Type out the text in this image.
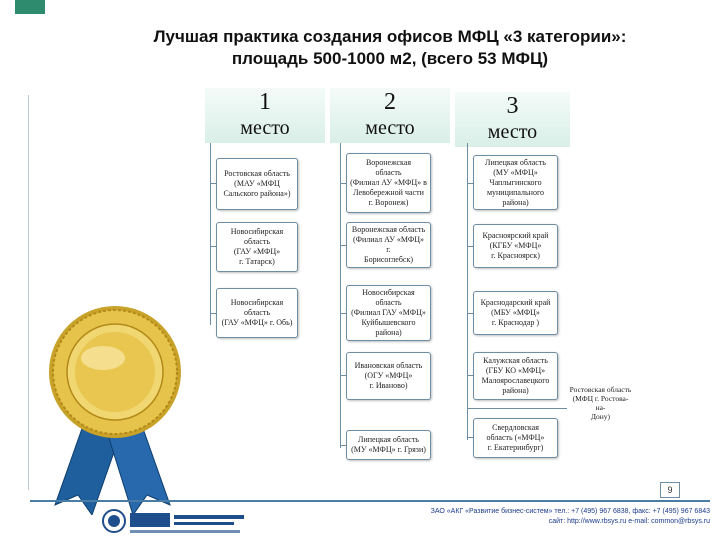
Лучшая практика создания офисов МФЦ «3 категории»:
площадь 500-1000 м2, (всего 53 МФЦ)
1
место
2
место
3
место
Ростовская область
(МАУ «МФЦ
Сальского района»)
Новосибирская
область
(ГАУ «МФЦ»
г. Татарск)
Новосибирская
область
(ГАУ «МФЦ» г. Обь)
Воронежская
область
(Филиал АУ «МФЦ» в
Левобережной части
г. Воронеж)
Воронежская область
(Филиал АУ «МФЦ» г.
Борисоглебск)
Новосибирская
область
(Филиал ГАУ «МФЦ»
Куйбышевского
района)
Ивановская область
(ОГУ «МФЦ»
г. Иваново)
Липецкая область
(МУ «МФЦ» г. Грязи)
Липецкая область
(МУ «МФЦ»
Чаплыгинского
муниципального
района)
Красноярский край
(КГБУ «МФЦ»
г. Красноярск)
Краснодарский край
(МБУ «МФЦ»
г. Краснодар )
Калужская область
(ГБУ КО «МФЦ»
Малоярославецкого
района)
Свердловская
область («МФЦ»
г. Екатеринбург)
Ростовская область
(МФЦ г. Ростова-на-
Дону)
9
ЗАО «АКГ «Развитие бизнес-систем» тел.: +7 (495) 967 6838, факс: +7 (495) 967 6843
сайт: http://www.rbsys.ru e-mail: common@rbsys.ru
